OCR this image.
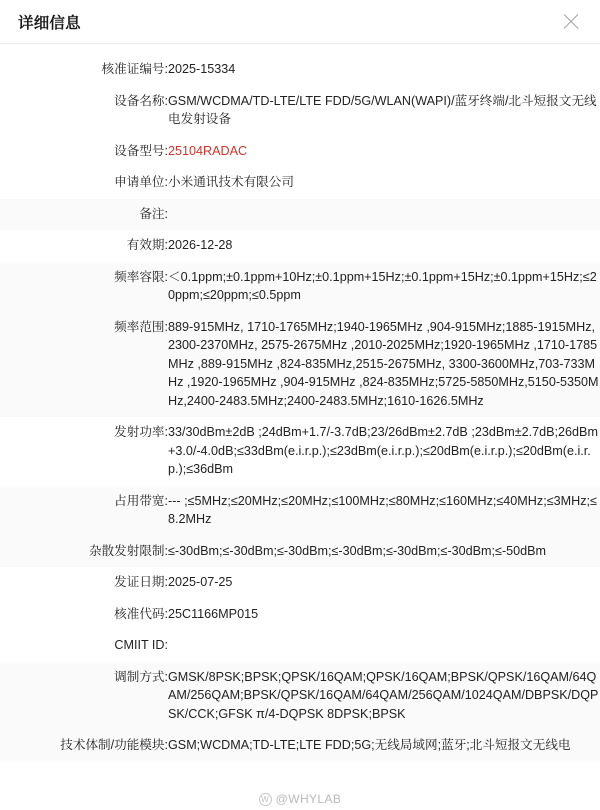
详细信息
核准证编号:	2025-15334
设备名称:	GSM/WCDMA/TD-LTE/LTE FDD/5G/WLAN(WAPI)/蓝牙终端/北斗短报文无线电发射设备
设备型号:	25104RADAC
申请单位:	小米通讯技术有限公司
备注:	
有效期:	2026-12-28
频率容限:	＜0.1ppm;±0.1ppm+10Hz;±0.1ppm+15Hz;±0.1ppm+15Hz;±0.1ppm+15Hz;≤20ppm;≤20ppm;≤0.5ppm
频率范围:	889-915MHz, 1710-1765MHz;1940-1965MHz ,904-915MHz;1885-1915MHz,2300-2370MHz, 2575-2675MHz ,2010-2025MHz;1920-1965MHz ,1710-1785MHz ,889-915MHz ,824-835MHz,2515-2675MHz, 3300-3600MHz,703-733MHz ,1920-1965MHz ,904-915MHz ,824-835MHz;5725-5850MHz,5150-5350MHz,2400-2483.5MHz;2400-2483.5MHz;1610-1626.5MHz
发射功率:	33/30dBm±2dB ;24dBm+1.7/-3.7dB;23/26dBm±2.7dB ;23dBm±2.7dB;26dBm+3.0/-4.0dB;≤33dBm(e.i.r.p.);≤23dBm(e.i.r.p.);≤20dBm(e.i.r.p.);≤20dBm(e.i.r.p.);≤36dBm
占用带宽:	--- ;≤5MHz;≤20MHz;≤20MHz;≤100MHz;≤80MHz;≤160MHz;≤40MHz;≤3MHz;≤8.2MHz
杂散发射限制:	≤-30dBm;≤-30dBm;≤-30dBm;≤-30dBm;≤-30dBm;≤-30dBm;≤-50dBm
发证日期:	2025-07-25
核准代码:	25C1166MP015
CMIIT ID:	
调制方式:	GMSK/8PSK;BPSK;QPSK/16QAM;QPSK/16QAM;BPSK/QPSK/16QAM/64QAM/256QAM;BPSK/QPSK/16QAM/64QAM/256QAM/1024QAM/DBPSK/DQPSK/CCK;GFSK π/4-DQPSK 8DPSK;BPSK
技术体制/功能模块:	GSM;WCDMA;TD-LTE;LTE FDD;5G;无线局域网;蓝牙;北斗短报文无线电
W @WHYLAB
